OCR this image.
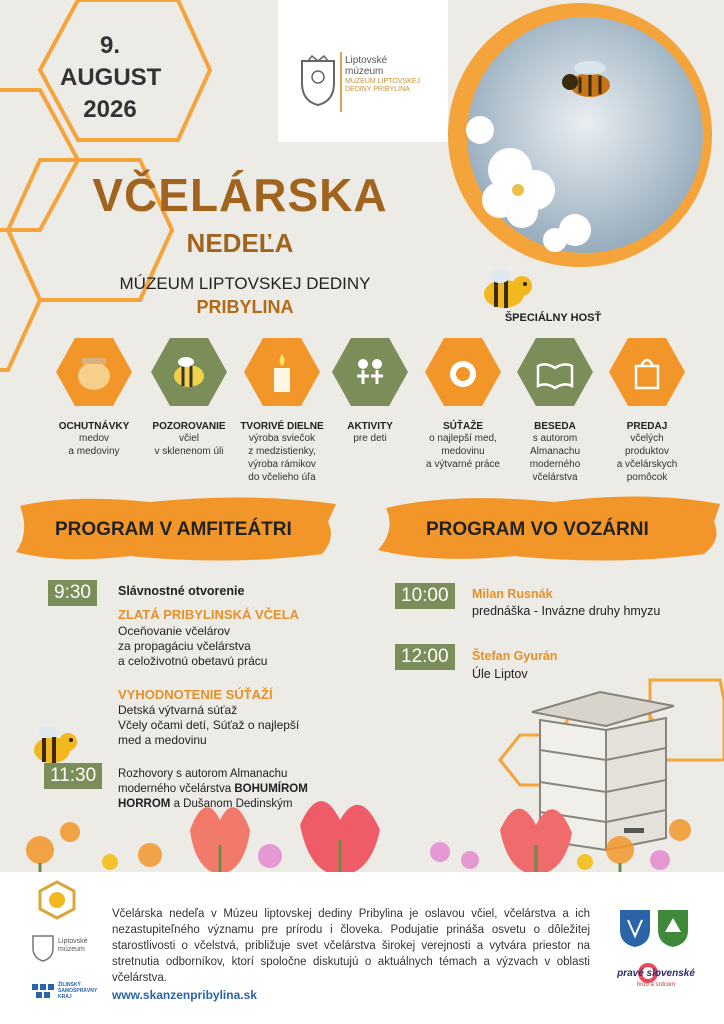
9.
AUGUST
2026
Liptovské
múzeum
MÚZEUM LIPTOVSKEJ
DEDINY PRIBYLINA
VČELÁRSKA
NEDEĽA
MÚZEUM LIPTOVSKEJ DEDINY
PRIBYLINA
ŠPECIÁLNY HOSŤ
OCHUTNÁVKY
medov
a medoviny
POZOROVANIE
včiel
v sklenenom úli
TVORIVÉ DIELNE
výroba sviečok
z medzistienky,
výroba rámikov
do včelieho úľa
AKTIVITY
pre deti
SÚŤAŽE
o najlepší med,
medovinu
a výtvarné práce
BESEDA
s autorom
Almanachu
moderného
včelárstva
PREDAJ
včelých
produktov
a včelárskych
pomôcok
PROGRAM V AMFITEÁTRI	PROGRAM VO VOZÁRNI
9:30	Slávnostné otvorenie
ZLATÁ PRIBYLINSKÁ VČELA
Oceňovanie včelárov
za propagáciu včelárstva
a celoživotnú obetavú prácu
VYHODNOTENIE SÚŤAŽÍ
Detská výtvarná súťaž
Včely očami detí, Súťaž o najlepší
med a medovinu
11:30	Rozhovory s autorom Almanachu
moderného včelárstva BOHUMÍROM HORROM a Dušanom Dedinským
10:00	Milan Rusnák
prednáška - Invázne druhy hmyzu
12:00	Štefan Gyurán
Úle Liptov
Liptovské
múzeum
ŽILINSKÝ
SAMOSPRÁVNY
KRAJ
Včelárska nedeľa v Múzeu liptovskej dediny Pribylina je oslavou včiel, včelárstva a ich nezastupiteľného významu pre prírodu i človeka. Podujatie prináša osvetu o dôležitej starostlivosti o včelstvá, približuje svet včelárstva širokej verejnosti a vytvára priestor na stretnutia odborníkov, ktorí spoločne diskutujú o aktuálnych témach a výzvach v oblasti včelárstva.
www.skanzenpribylina.sk
pravé slovenské
hrdo a srdcom
